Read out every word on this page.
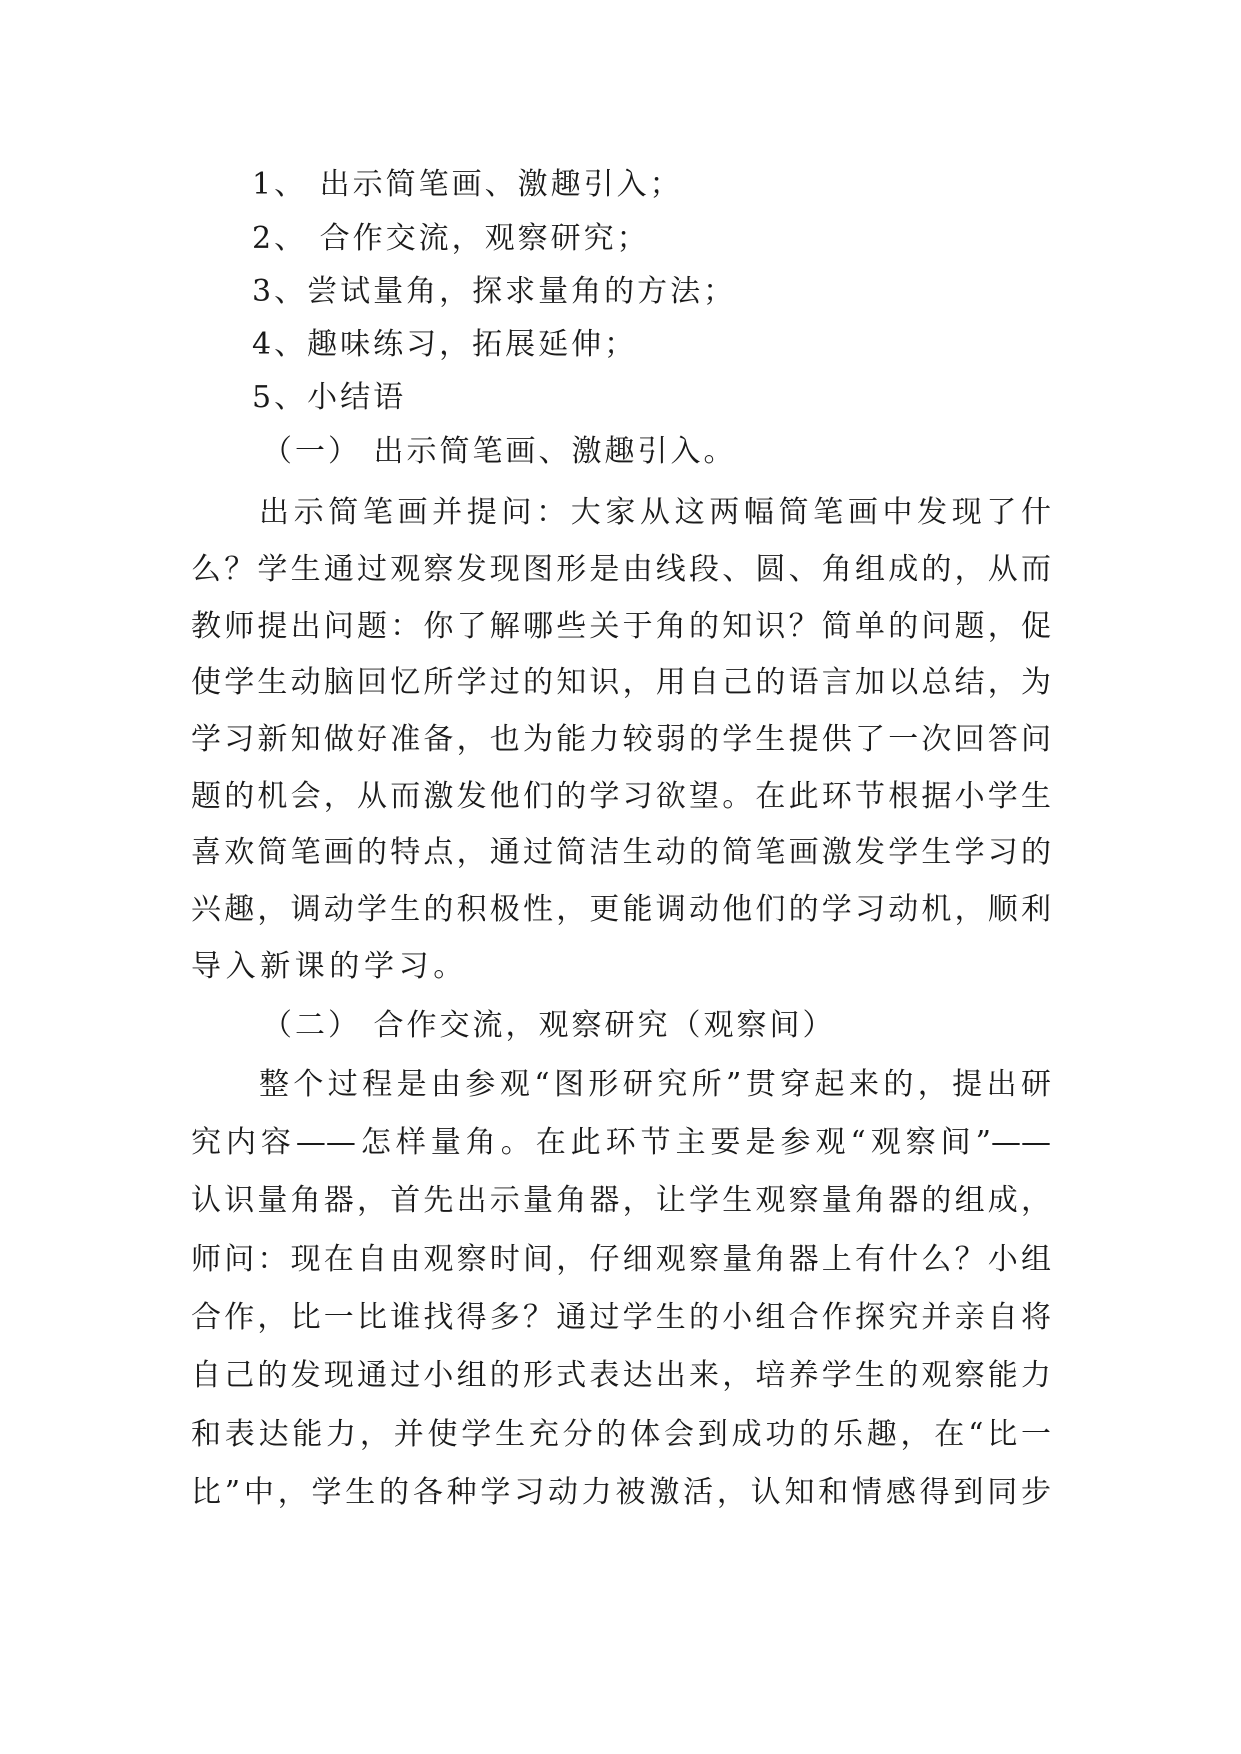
1、 出示简笔画、激趣引入；
2、 合作交流，观察研究；
3、尝试量角，探求量角的方法；
4、趣味练习，拓展延伸；
5、小结语
（一） 出示简笔画、激趣引入。
出示简笔画并提问：大家从这两幅简笔画中发现了什
么？学生通过观察发现图形是由线段、圆、角组成的，从而
教师提出问题：你了解哪些关于角的知识？简单的问题，促
使学生动脑回忆所学过的知识，用自己的语言加以总结，为
学习新知做好准备，也为能力较弱的学生提供了一次回答问
题的机会，从而激发他们的学习欲望。在此环节根据小学生
喜欢简笔画的特点，通过简洁生动的简笔画激发学生学习的
兴趣，调动学生的积极性，更能调动他们的学习动机，顺利
导入新课的学习。
（二） 合作交流，观察研究（观察间）
整个过程是由参观“图形研究所”贯穿起来的，提出研
究内容——怎样量角。在此环节主要是参观“观察间”——
认识量角器，首先出示量角器，让学生观察量角器的组成，
师问：现在自由观察时间，仔细观察量角器上有什么？小组
合作，比一比谁找得多？通过学生的小组合作探究并亲自将
自己的发现通过小组的形式表达出来，培养学生的观察能力
和表达能力，并使学生充分的体会到成功的乐趣，在“比一
比”中，学生的各种学习动力被激活，认知和情感得到同步
